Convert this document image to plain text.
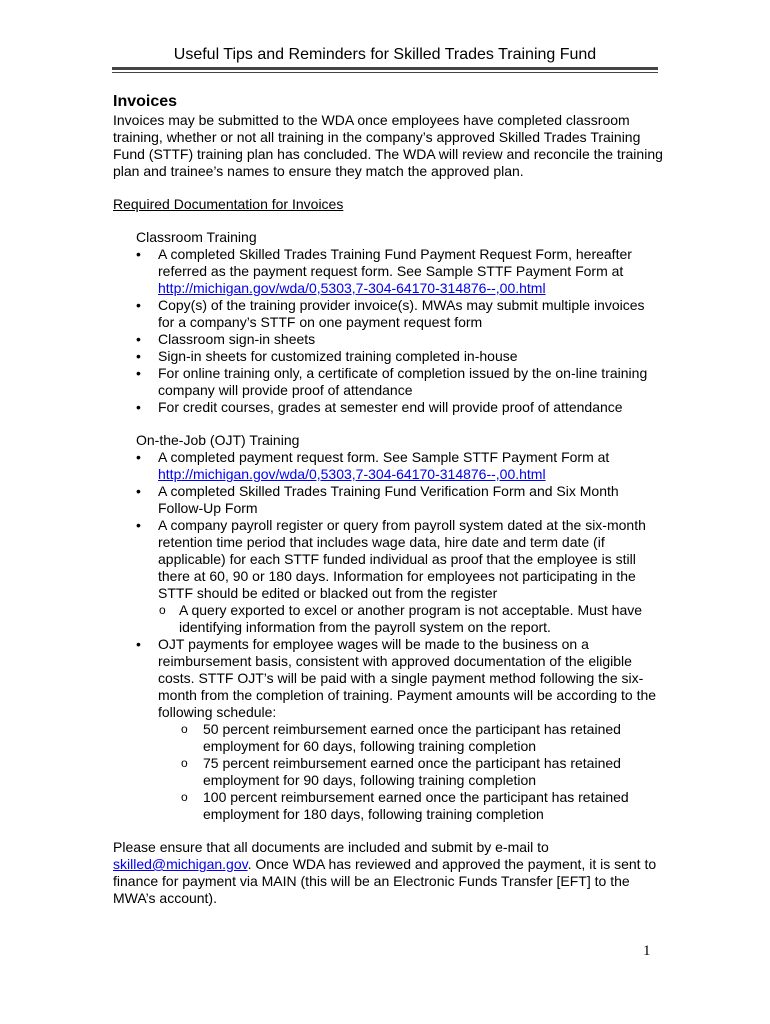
Useful Tips and Reminders for Skilled Trades Training Fund

Invoices

Invoices may be submitted to the WDA once employees have completed classroom training, whether or not all training in the company’s approved Skilled Trades Training Fund (STTF) training plan has concluded. The WDA will review and reconcile the training plan and trainee’s names to ensure they match the approved plan.

Required Documentation for Invoices

Classroom Training

• A completed Skilled Trades Training Fund Payment Request Form, hereafter referred as the payment request form. See Sample STTF Payment Form at http://michigan.gov/wda/0,5303,7-304-64170-314876--,00.html
• Copy(s) of the training provider invoice(s). MWAs may submit multiple invoices for a company’s STTF on one payment request form
• Classroom sign-in sheets
• Sign-in sheets for customized training completed in-house
• For online training only, a certificate of completion issued by the on-line training company will provide proof of attendance
• For credit courses, grades at semester end will provide proof of attendance

On-the-Job (OJT) Training

• A completed payment request form. See Sample STTF Payment Form at http://michigan.gov/wda/0,5303,7-304-64170-314876--,00.html
• A completed Skilled Trades Training Fund Verification Form and Six Month Follow-Up Form
• A company payroll register or query from payroll system dated at the six-month retention time period that includes wage data, hire date and term date (if applicable) for each STTF funded individual as proof that the employee is still there at 60, 90 or 180 days. Information for employees not participating in the STTF should be edited or blacked out from the register
o A query exported to excel or another program is not acceptable. Must have identifying information from the payroll system on the report.
• OJT payments for employee wages will be made to the business on a reimbursement basis, consistent with approved documentation of the eligible costs. STTF OJT’s will be paid with a single payment method following the six-month from the completion of training. Payment amounts will be according to the following schedule:
o 50 percent reimbursement earned once the participant has retained employment for 60 days, following training completion
o 75 percent reimbursement earned once the participant has retained employment for 90 days, following training completion
o 100 percent reimbursement earned once the participant has retained employment for 180 days, following training completion

Please ensure that all documents are included and submit by e-mail to skilled@michigan.gov. Once WDA has reviewed and approved the payment, it is sent to finance for payment via MAIN (this will be an Electronic Funds Transfer [EFT] to the MWA’s account).

1
